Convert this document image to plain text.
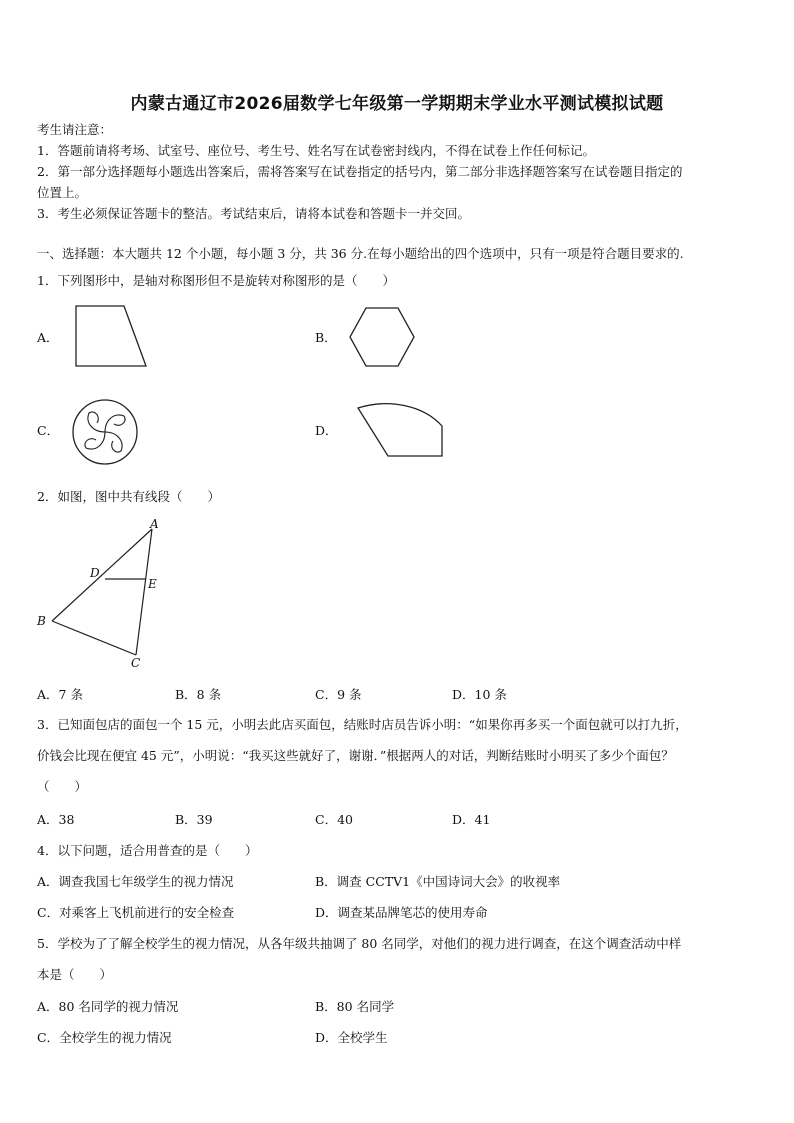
内蒙古通辽市2026届数学七年级第一学期期末学业水平测试模拟试题
考生请注意：
1．答题前请将考场、试室号、座位号、考生号、姓名写在试卷密封线内，不得在试卷上作任何标记。
2．第一部分选择题每小题选出答案后，需将答案写在试卷指定的括号内，第二部分非选择题答案写在试卷题目指定的
位置上。
3．考生必须保证答题卡的整洁。考试结束后，请将本试卷和答题卡一并交回。
一、选择题：本大题共 12 个小题，每小题 3 分，共 36 分.在每小题给出的四个选项中，只有一项是符合题目要求的.
1．下列图形中，是轴对称图形但不是旋转对称图形的是（　　）
A．	B．
C．	D．
2．如图，图中共有线段（　　）
A
D
E
B
C
A．7 条	B．8 条	C．9 条	D．10 条
3．已知面包店的面包一个 15 元，小明去此店买面包，结账时店员告诉小明：“如果你再多买一个面包就可以打九折，
价钱会比现在便宜 45 元”，小明说：“我买这些就好了，谢谢．”根据两人的对话，判断结账时小明买了多少个面包？
（　　）
A．38	B．39	C．40	D．41
4．以下问题，适合用普查的是（　　）
A．调查我国七年级学生的视力情况	B．调查 CCTV1《中国诗词大会》的收视率
C．对乘客上飞机前进行的安全检查	D．调查某品牌笔芯的使用寿命
5．学校为了了解全校学生的视力情况，从各年级共抽调了 80 名同学，对他们的视力进行调查，在这个调查活动中样
本是（　　）
A．80 名同学的视力情况	B．80 名同学
C．全校学生的视力情况	D．全校学生
